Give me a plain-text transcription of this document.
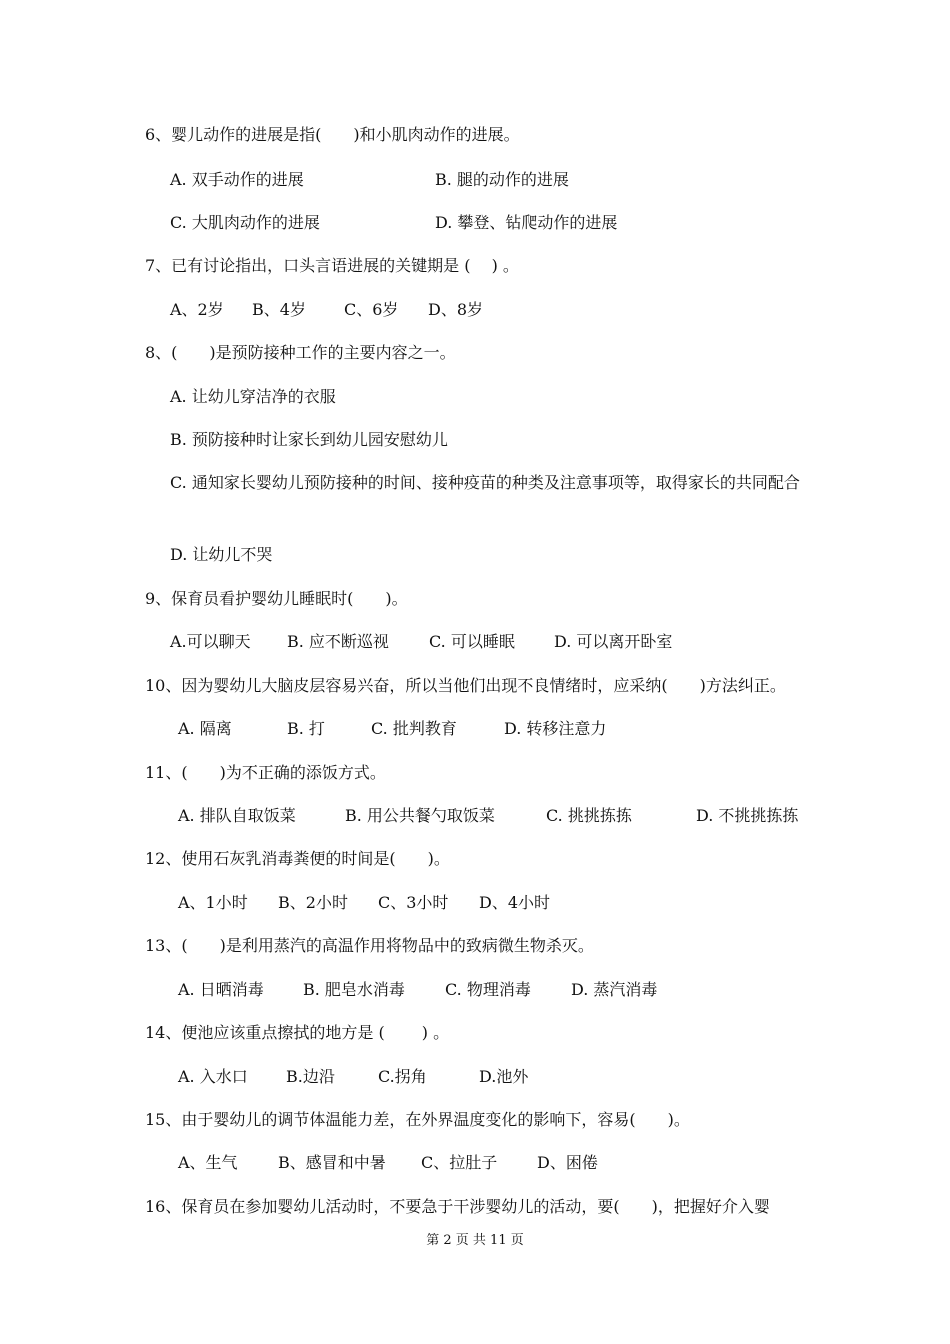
6、婴儿动作的进展是指(　　)和小肌肉动作的进展。
A. 双手动作的进展	B. 腿的动作的进展
C. 大肌肉动作的进展	D. 攀登、钻爬动作的进展
7、已有讨论指出，口头言语进展的关键期是 ( 　) 。
A、2岁 B、4岁 C、6岁 D、8岁
8、(　　)是预防接种工作的主要内容之一。
A. 让幼儿穿洁净的衣服
B. 预防接种时让家长到幼儿园安慰幼儿
C. 通知家长婴幼儿预防接种的时间、接种疫苗的种类及注意事项等，取得家长的共同配合
D. 让幼儿不哭
9、保育员看护婴幼儿睡眠时(　　)。
A.可以聊天 B. 应不断巡视	C. 可以睡眠 D. 可以离开卧室
10、因为婴幼儿大脑皮层容易兴奋，所以当他们出现不良情绪时，应采纳(　　)方法纠正。
A. 隔离	B. 打	C. 批判教育	D. 转移注意力
11、(　　)为不正确的添饭方式。
A. 排队自取饭菜	B. 用公共餐勺取饭菜	C. 挑挑拣拣	D. 不挑挑拣拣
12、使用石灰乳消毒粪便的时间是(　　)。
A、1小时 B、2小时 C、3小时 D、4小时
13、(　　)是利用蒸汽的高温作用将物品中的致病微生物杀灭。
A. 日晒消毒 B. 肥皂水消毒	C. 物理消毒	D. 蒸汽消毒
14、便池应该重点擦拭的地方是 ( 　　) 。
A. 入水口 B.边沿	C.拐角	D.池外
15、由于婴幼儿的调节体温能力差，在外界温度变化的影响下，容易(　　)。
A、生气	B、感冒和中暑 C、拉肚子 D、困倦
16、保育员在参加婴幼儿活动时，不要急于干涉婴幼儿的活动，要(　　)，把握好介入婴
第 2 页 共 11 页
